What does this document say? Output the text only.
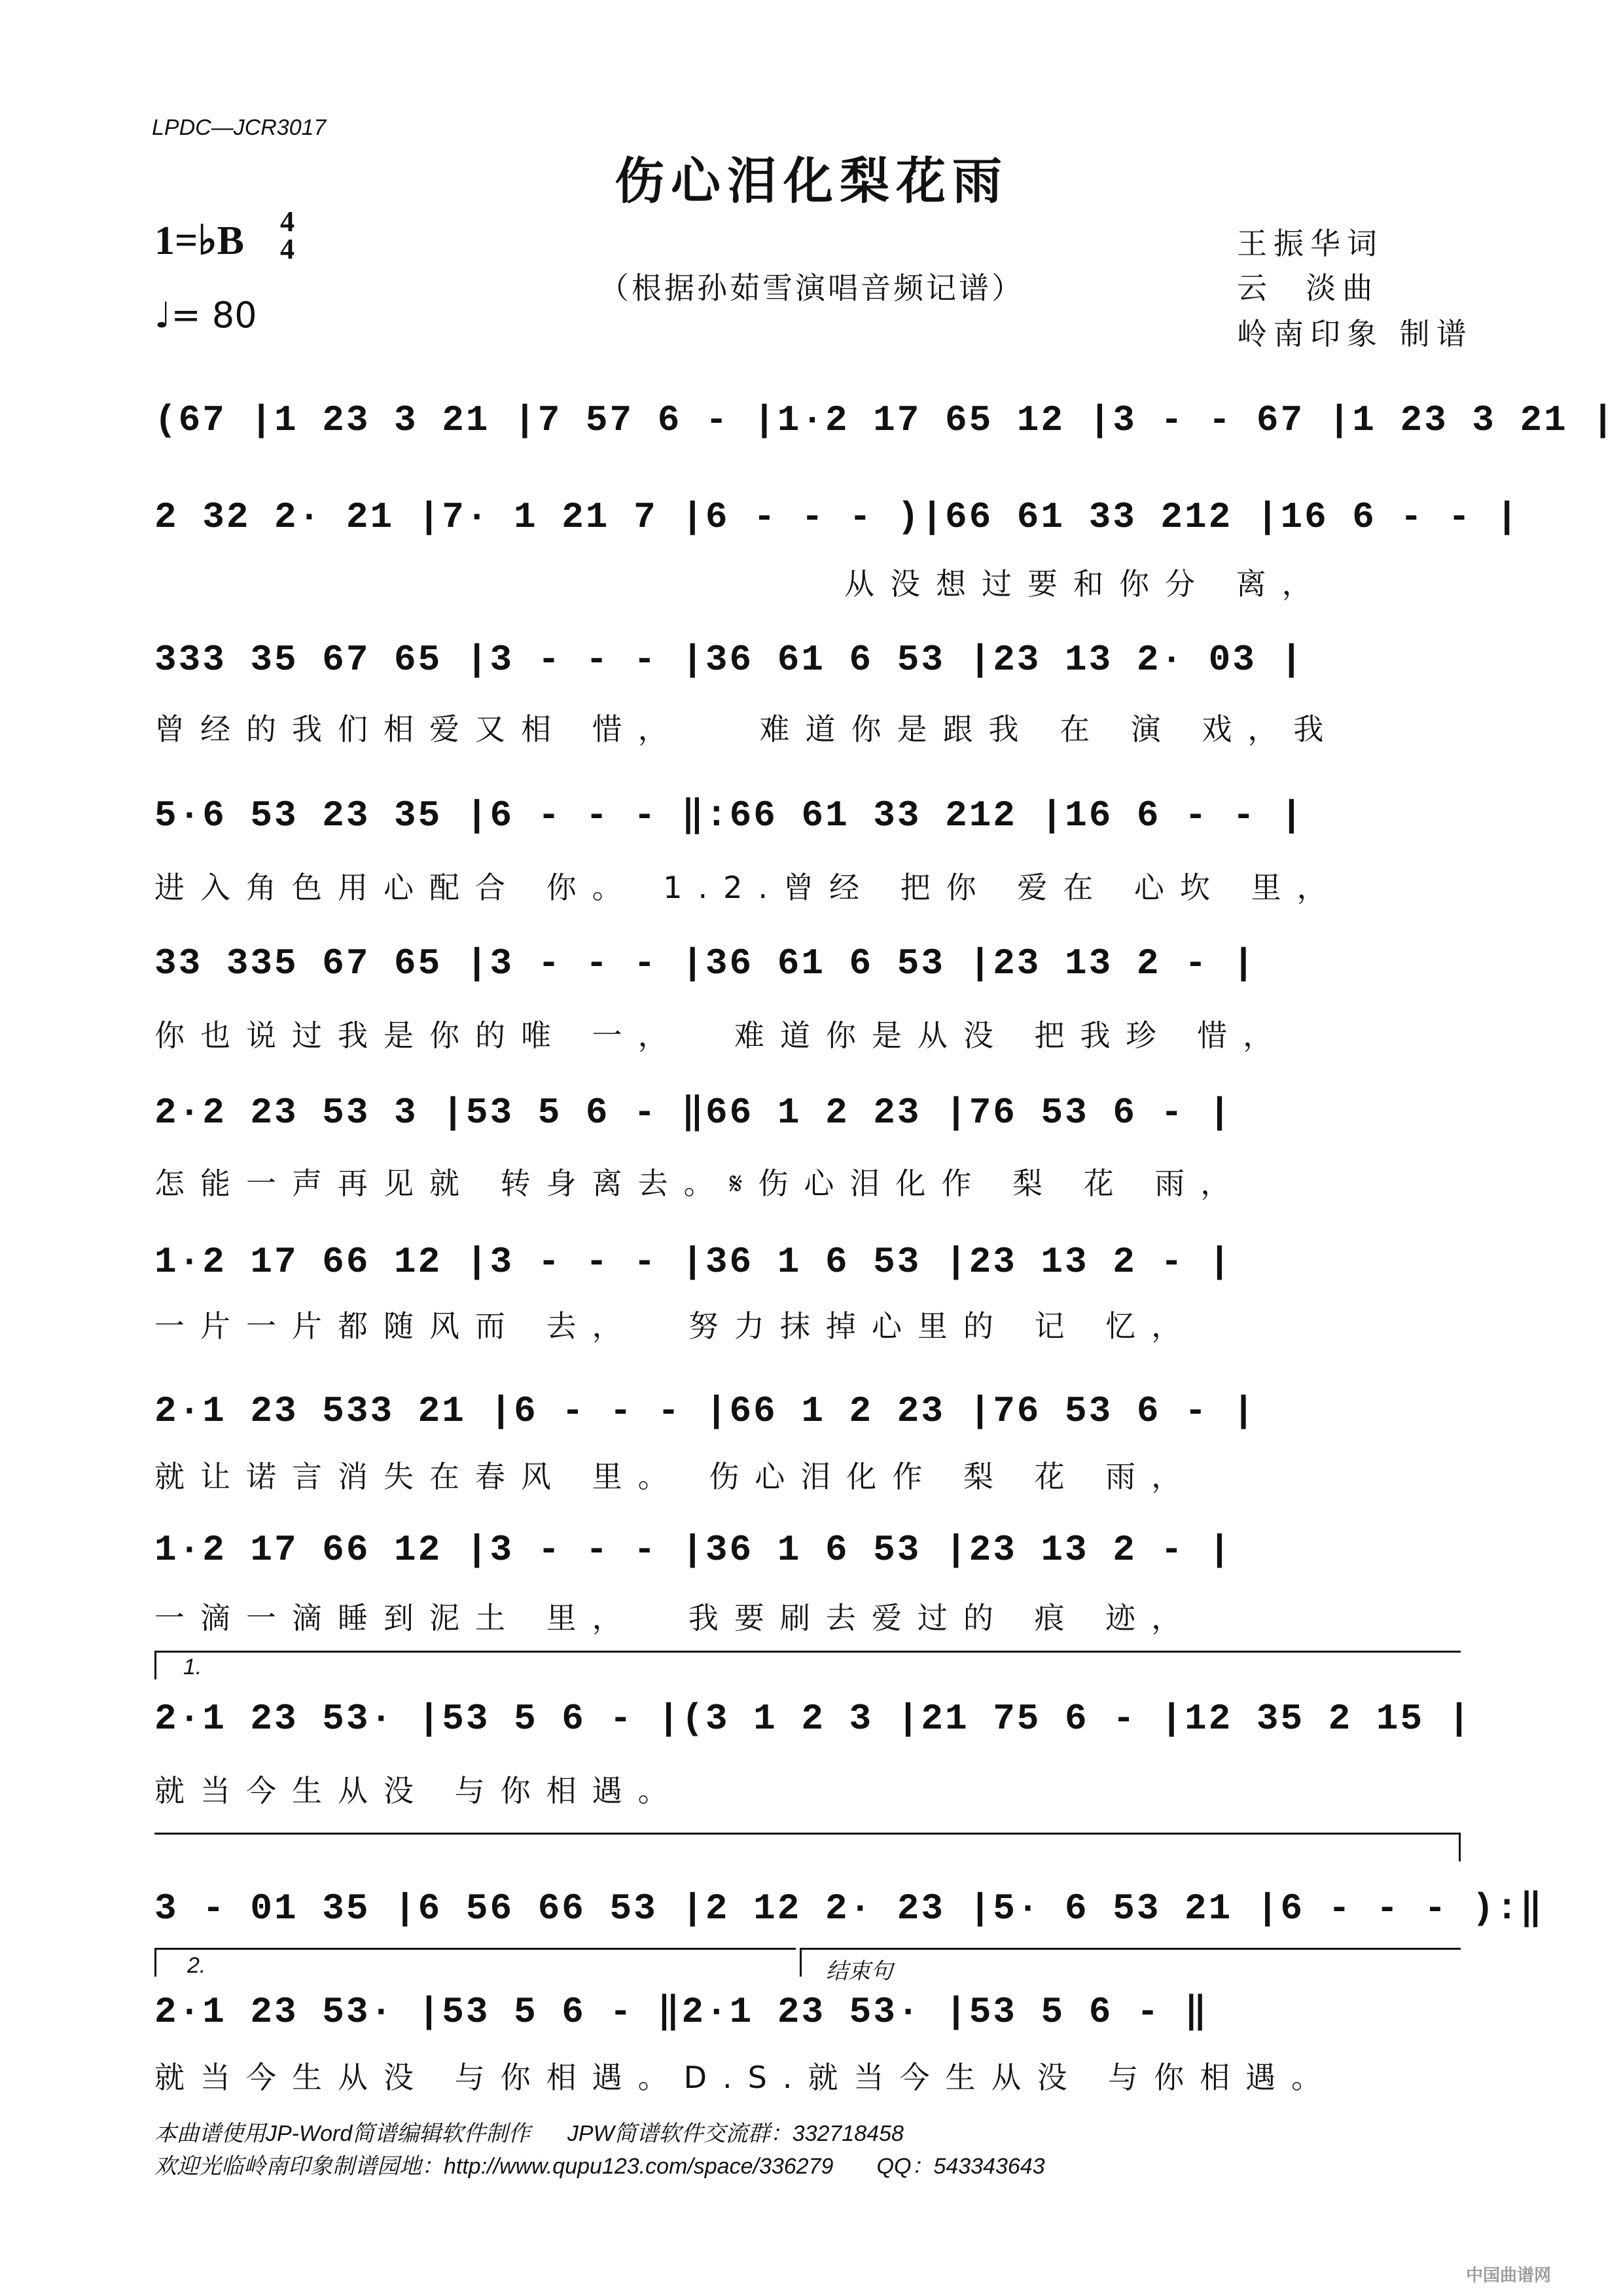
LPDC—JCR3017
伤心泪化梨花雨
1=♭B 4
4
♩= 80
（根据孙茹雪演唱音频记谱）
王振华词
云  淡曲
岭南印象 制谱
(67 |1 23 3 21 |7 57 6 - |1·2 17 65 12 |3 - - 67 |1 23 3 21 |
2 32 2· 21 |7· 1 21 7 |6 - - - )|66 61 33 212 |16 6 - - |
从没想过要和你分 离，
333 35 67 65 |3 - - - |36 61 6 53 |23 13 2· 03 |
曾经的我们相爱又相 惜，   难道你是跟我 在 演 戏，我
5·6 53 23 35 |6 - - - ‖:66 61 33 212 |16 6 - - |
进入角色用心配合 你。 1.2.曾经 把你 爱在 心坎 里，
33 335 67 65 |3 - - - |36 61 6 53 |23 13 2 - |
你也说过我是你的唯 一，  难道你是从没 把我珍 惜，
2·2 23 53 3 |53 5 6 - ‖66 1 2 23 |76 53 6 - |
怎能一声再见就 转身离去。𝄋伤心泪化作 梨 花 雨，
1·2 17 66 12 |3 - - - |36 1 6 53 |23 13 2 - |
一片一片都随风而 去，  努力抹掉心里的 记 忆，
2·1 23 533 21 |6 - - - |66 1 2 23 |76 53 6 - |
就让诺言消失在春风 里。 伤心泪化作 梨 花 雨，
1·2 17 66 12 |3 - - - |36 1 6 53 |23 13 2 - |
一滴一滴睡到泥土 里，  我要刷去爱过的 痕 迹，
1.
2·1 23 53· |53 5 6 - |(3 1 2 3 |21 75 6 - |12 35 2 15 |
就当今生从没 与你相遇。
3 - 01 35 |6 56 66 53 |2 12 2· 23 |5· 6 53 21 |6 - - - ):‖
2.	结束句
2·1 23 53· |53 5 6 - ‖2·1 23 53· |53 5 6 - ‖
就当今生从没 与你相遇。D.S.就当今生从没 与你相遇。
本曲谱使用JP-Word简谱编辑软件制作      JPW简谱软件交流群：332718458
欢迎光临岭南印象制谱园地：http://www.qupu123.com/space/336279       QQ：543343643
中国曲谱网
